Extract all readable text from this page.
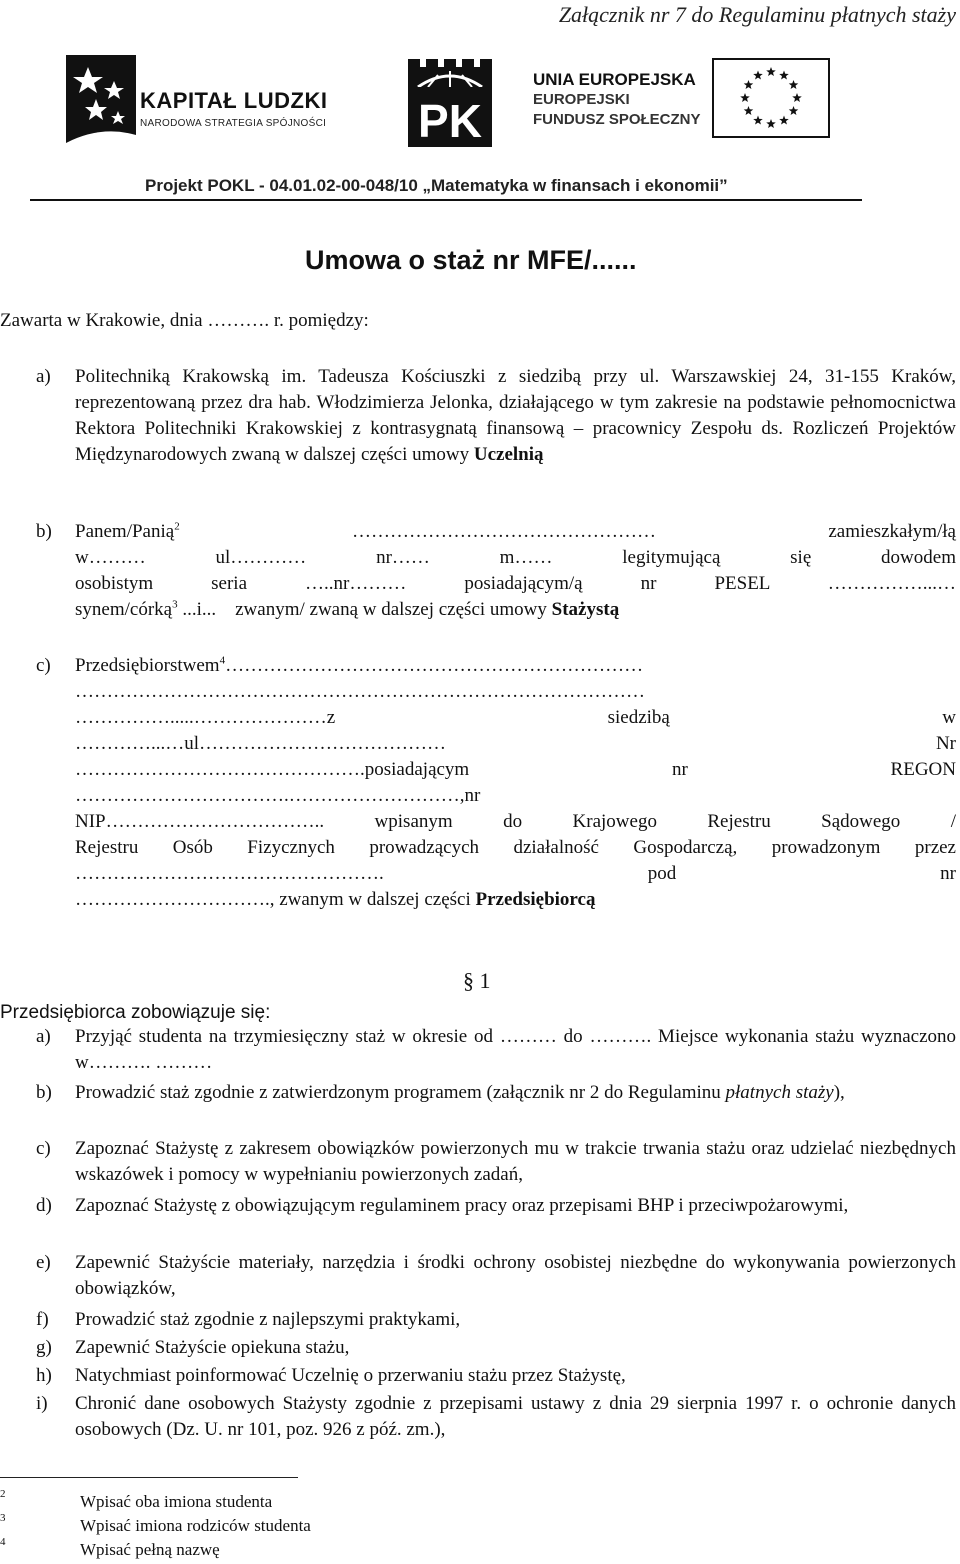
Załącznik nr 7 do Regulaminu płatnych staży
KAPITAŁ LUDZKI
NARODOWA STRATEGIA SPÓJNOŚCI PK
UNIA EUROPEJSKA
EUROPEJSKI
FUNDUSZ SPOŁECZNY
Projekt POKL - 04.01.02-00-048/10 „Matematyka w finansach i ekonomii”
Umowa o staż nr MFE/......
Zawarta w Krakowie, dnia ………. r. pomiędzy:
a)	Politechniką Krakowską im. Tadeusza Kościuszki z siedzibą przy ul. Warszawskiej 24, 31-155 Kraków, reprezentowaną przez dra hab. Włodzimierza Jelonka, działającego w tym zakresie na podstawie pełnomocnictwa Rektora Politechniki Krakowskiej z kontrasygnatą finansową – pracownicy Zespołu ds. Rozliczeń Projektów Międzynarodowych zwaną w dalszej części umowy Uczelnią
b)	Panem/Panią$^2$	…………………………………………	zamieszkałym/łą
w……… ul………… nr…… m…… legitymującą się dowodem
osobistym seria …..nr……… posiadającym/ą nr PESEL ……………...…
synem/córką$^3$ ...i... zwanym/ zwaną w dalszej części umowy Stażystą
c)	Przedsiębiorstwem$^4$…………………………………………………………
………………………………………………………………………………
…………….....…………………z siedzibą w
…………...…ul………………………………… Nr
……………………………………….posiadającym nr REGON
…………………………….………………………,nr
NIP…………………………….. wpisanym do Krajowego Rejestru Sądowego /
Rejestru Osób Fizycznych prowadzących działalność Gospodarczą, prowadzonym przez
…………………………………………. pod nr
…………………………., zwanym w dalszej części Przedsiębiorcą
§ 1
Przedsiębiorca zobowiązuje się:
a) Przyjąć studenta na trzymiesięczny staż w okresie od ……… do ………. Miejsce wykonania stażu wyznaczono w………. ………
b) Prowadzić staż zgodnie z zatwierdzonym programem (załącznik nr 2 do Regulaminu płatnych staży),
c) Zapoznać Stażystę z zakresem obowiązków powierzonych mu w trakcie trwania stażu oraz udzielać niezbędnych wskazówek i pomocy w wypełnianiu powierzonych zadań,
d) Zapoznać Stażystę z obowiązującym regulaminem pracy oraz przepisami BHP i przeciwpożarowymi,
e) Zapewnić Stażyście materiały, narzędzia i środki ochrony osobistej niezbędne do wykonywania powierzonych obowiązków,
f) Prowadzić staż zgodnie z najlepszymi praktykami,
g) Zapewnić Stażyście opiekuna stażu,
h) Natychmiast poinformować Uczelnię o przerwaniu stażu przez Stażystę,
i) Chronić dane osobowych Stażysty zgodnie z przepisami ustawy z dnia 29 sierpnia 1997 r. o ochronie danych osobowych (Dz. U. nr 101, poz. 926 z póź. zm.),
2	Wpisać oba imiona studenta
3	Wpisać imiona rodziców studenta
4	Wpisać pełną nazwę
